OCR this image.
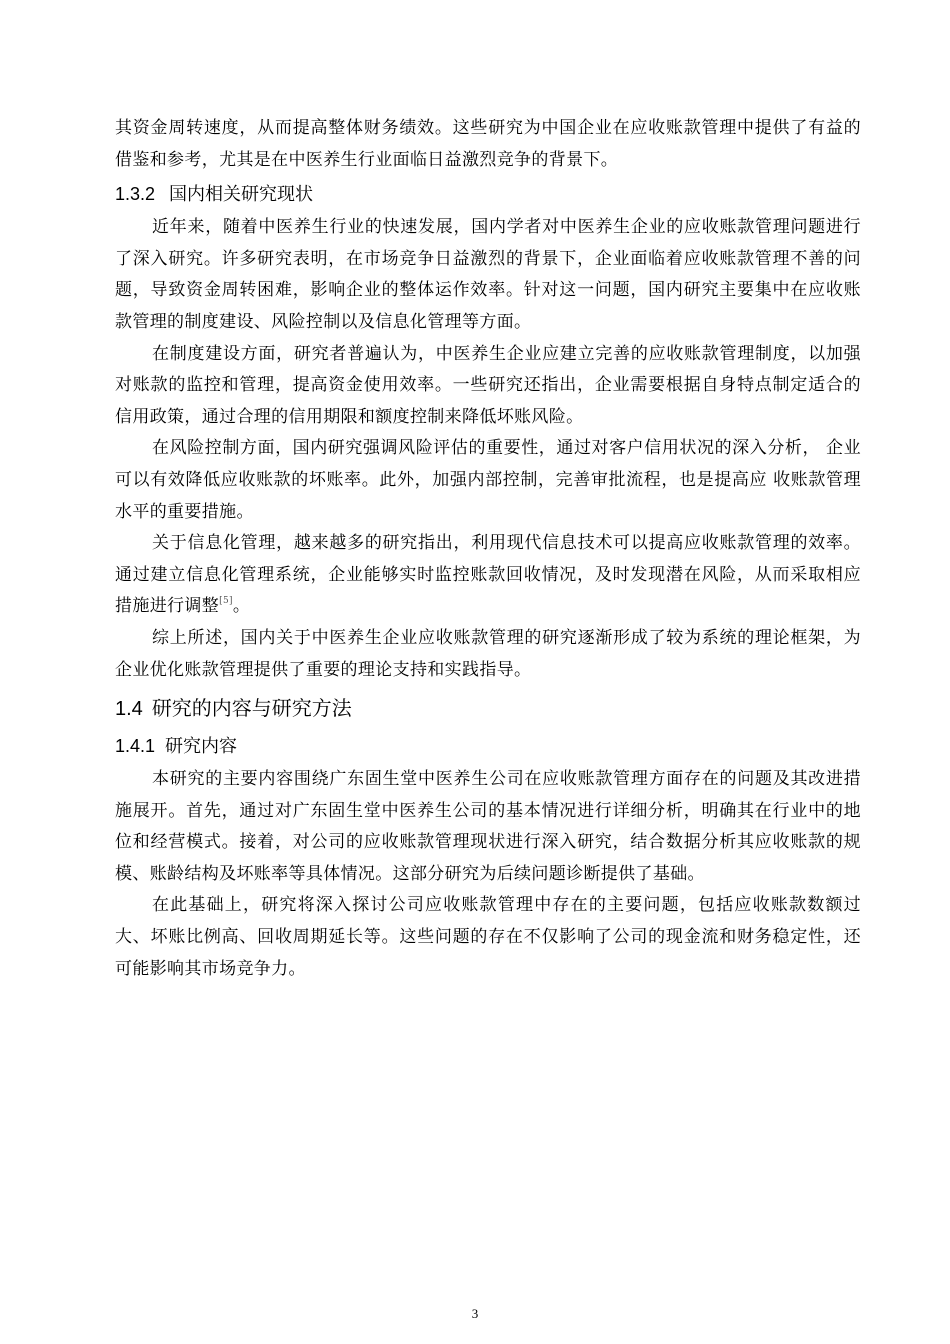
其资金周转速度，从而提高整体财务绩效。这些研究为中国企业在应收账款管理中提供了有益的借鉴和参考，尤其是在中医养生行业面临日益激烈竞争的背景下。

1.3.2 国内相关研究现状

近年来，随着中医养生行业的快速发展，国内学者对中医养生企业的应收账款管理问题进行了深入研究。许多研究表明，在市场竞争日益激烈的背景下，企业面临着应收账款管理不善的问题，导致资金周转困难，影响企业的整体运作效率。针对这一问题，国内研究主要集中在应收账款管理的制度建设、风险控制以及信息化管理等方面。

在制度建设方面，研究者普遍认为，中医养生企业应建立完善的应收账款管理制度，以加强对账款的监控和管理，提高资金使用效率。一些研究还指出，企业需要根据自身特点制定适合的信用政策，通过合理的信用期限和额度控制来降低坏账风险。

在风险控制方面，国内研究强调风险评估的重要性，通过对客户信用状况的深入分析， 企业可以有效降低应收账款的坏账率。此外，加强内部控制，完善审批流程，也是提高应 收账款管理水平的重要措施。

关于信息化管理，越来越多的研究指出，利用现代信息技术可以提高应收账款管理的效率。通过建立信息化管理系统，企业能够实时监控账款回收情况，及时发现潜在风险，从而采取相应措施进行调整[5]。

综上所述，国内关于中医养生企业应收账款管理的研究逐渐形成了较为系统的理论框架，为企业优化账款管理提供了重要的理论支持和实践指导。

1.4 研究的内容与研究方法
1.4.1 研究内容

本研究的主要内容围绕广东固生堂中医养生公司在应收账款管理方面存在的问题及其改进措施展开。首先，通过对广东固生堂中医养生公司的基本情况进行详细分析，明确其在行业中的地位和经营模式。接着，对公司的应收账款管理现状进行深入研究，结合数据分析其应收账款的规模、账龄结构及坏账率等具体情况。这部分研究为后续问题诊断提供了基础。

在此基础上，研究将深入探讨公司应收账款管理中存在的主要问题，包括应收账款数额过大、坏账比例高、回收周期延长等。这些问题的存在不仅影响了公司的现金流和财务稳定性，还可能影响其市场竞争力。

3
